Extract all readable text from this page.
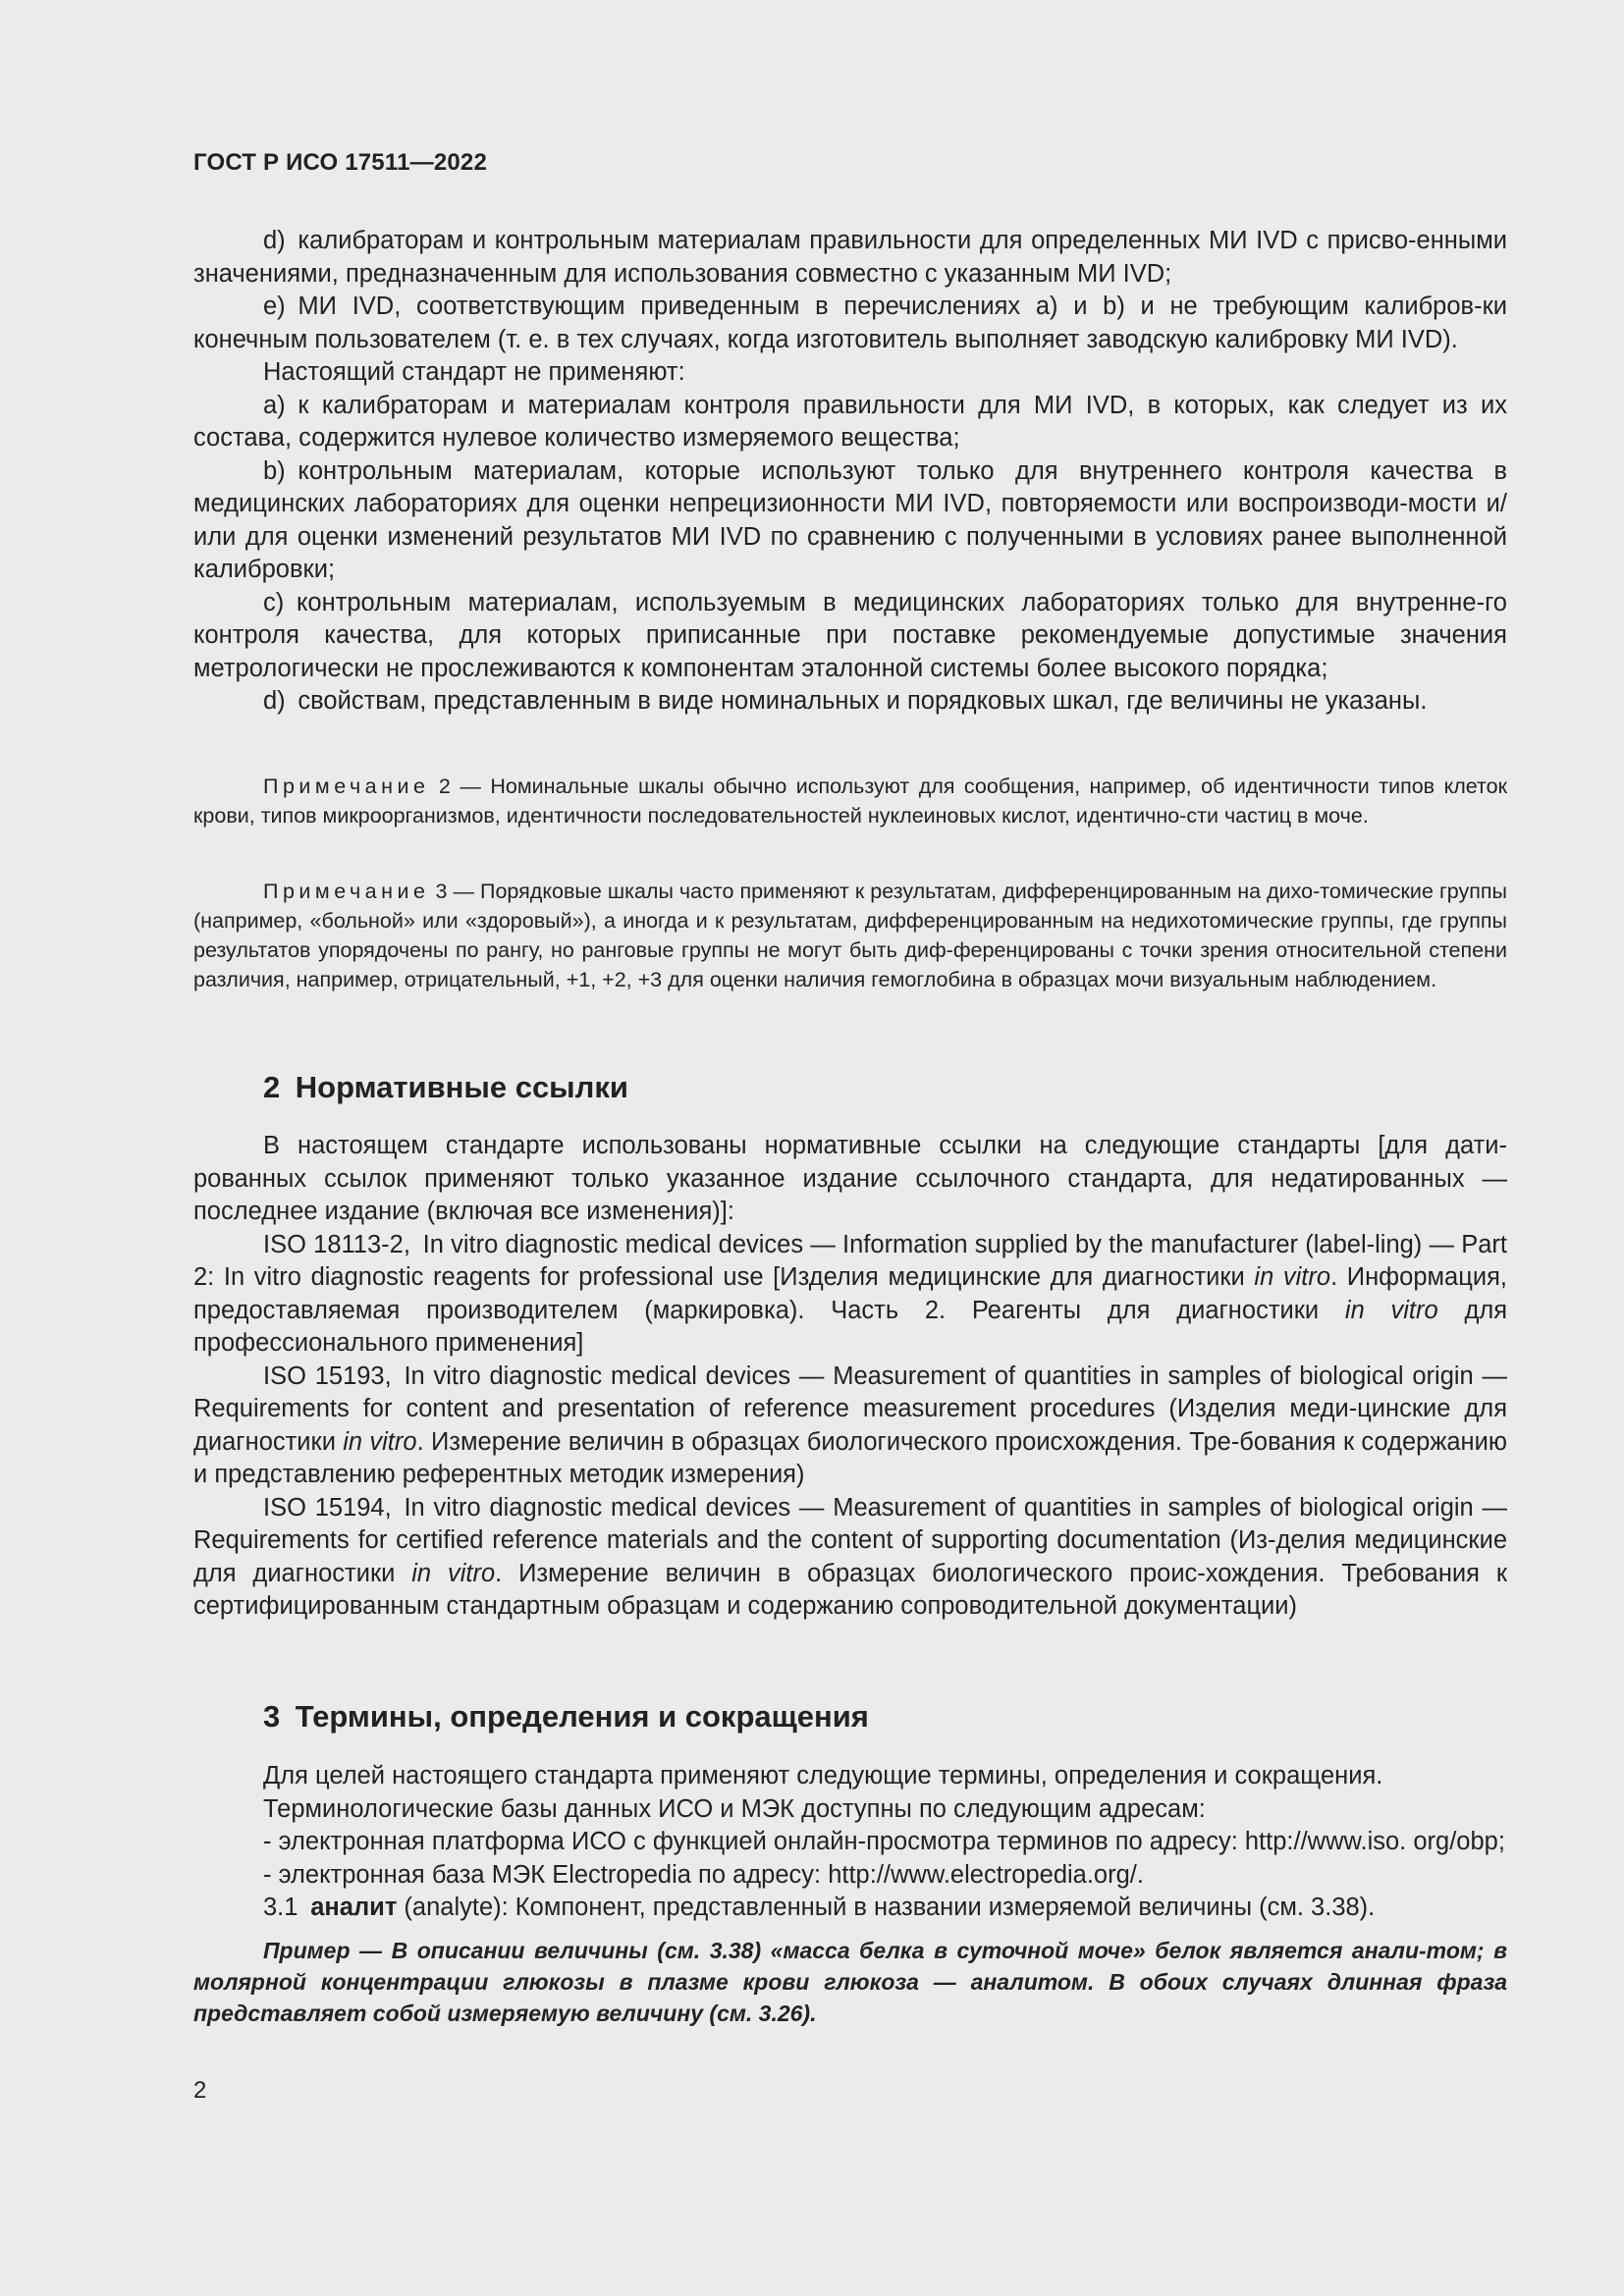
ГОСТ Р ИСО 17511—2022

d) калибраторам и контрольным материалам правильности для определенных МИ IVD с присво-енными значениями, предназначенным для использования совместно с указанным МИ IVD;

e) МИ IVD, соответствующим приведенным в перечислениях a) и b) и не требующим калибров-ки конечным пользователем (т. е. в тех случаях, когда изготовитель выполняет заводскую калибровку МИ IVD).

Настоящий стандарт не применяют:

a) к калибраторам и материалам контроля правильности для МИ IVD, в которых, как следует из их состава, содержится нулевое количество измеряемого вещества;

b) контрольным материалам, которые используют только для внутреннего контроля качества в медицинских лабораториях для оценки непрецизионности МИ IVD, повторяемости или воспроизводи-мости и/или для оценки изменений результатов МИ IVD по сравнению с полученными в условиях ранее выполненной калибровки;

c) контрольным материалам, используемым в медицинских лабораториях только для внутренне-го контроля качества, для которых приписанные при поставке рекомендуемые допустимые значения метрологически не прослеживаются к компонентам эталонной системы более высокого порядка;

d) свойствам, представленным в виде номинальных и порядковых шкал, где величины не указаны.

Примечание 2 — Номинальные шкалы обычно используют для сообщения, например, об идентичности типов клеток крови, типов микроорганизмов, идентичности последовательностей нуклеиновых кислот, идентично-сти частиц в моче.

Примечание 3 — Порядковые шкалы часто применяют к результатам, дифференцированным на дихо-томические группы (например, «больной» или «здоровый»), а иногда и к результатам, дифференцированным на недихотомические группы, где группы результатов упорядочены по рангу, но ранговые группы не могут быть диф-ференцированы с точки зрения относительной степени различия, например, отрицательный, +1, +2, +3 для оценки наличия гемоглобина в образцах мочи визуальным наблюдением.

2 Нормативные ссылки

В настоящем стандарте использованы нормативные ссылки на следующие стандарты [для дати-рованных ссылок применяют только указанное издание ссылочного стандарта, для недатированных — последнее издание (включая все изменения)]:

ISO 18113-2, In vitro diagnostic medical devices — Information supplied by the manufacturer (label-ling) — Part 2: In vitro diagnostic reagents for professional use [Изделия медицинские для диагностики in vitro. Информация, предоставляемая производителем (маркировка). Часть 2. Реагенты для диагностики in vitro для профессионального применения]

ISO 15193, In vitro diagnostic medical devices — Measurement of quantities in samples of biological origin — Requirements for content and presentation of reference measurement procedures (Изделия меди-цинские для диагностики in vitro. Измерение величин в образцах биологического происхождения. Тре-бования к содержанию и представлению референтных методик измерения)

ISO 15194, In vitro diagnostic medical devices — Measurement of quantities in samples of biological origin — Requirements for certified reference materials and the content of supporting documentation (Из-делия медицинские для диагностики in vitro. Измерение величин в образцах биологического проис-хождения. Требования к сертифицированным стандартным образцам и содержанию сопроводительной документации)

3 Термины, определения и сокращения

Для целей настоящего стандарта применяют следующие термины, определения и сокращения.

Терминологические базы данных ИСО и МЭК доступны по следующим адресам:

- электронная платформа ИСО с функцией онлайн-просмотра терминов по адресу: http://www.iso. org/obp;

- электронная база МЭК Electropedia по адресу: http://www.electropedia.org/.

3.1 аналит (analyte): Компонент, представленный в названии измеряемой величины (см. 3.38).

Пример — В описании величины (см. 3.38) «масса белка в суточной моче» белок является анали-том; в молярной концентрации глюкозы в плазме крови глюкоза — аналитом. В обоих случаях длинная фраза представляет собой измеряемую величину (см. 3.26).

2
